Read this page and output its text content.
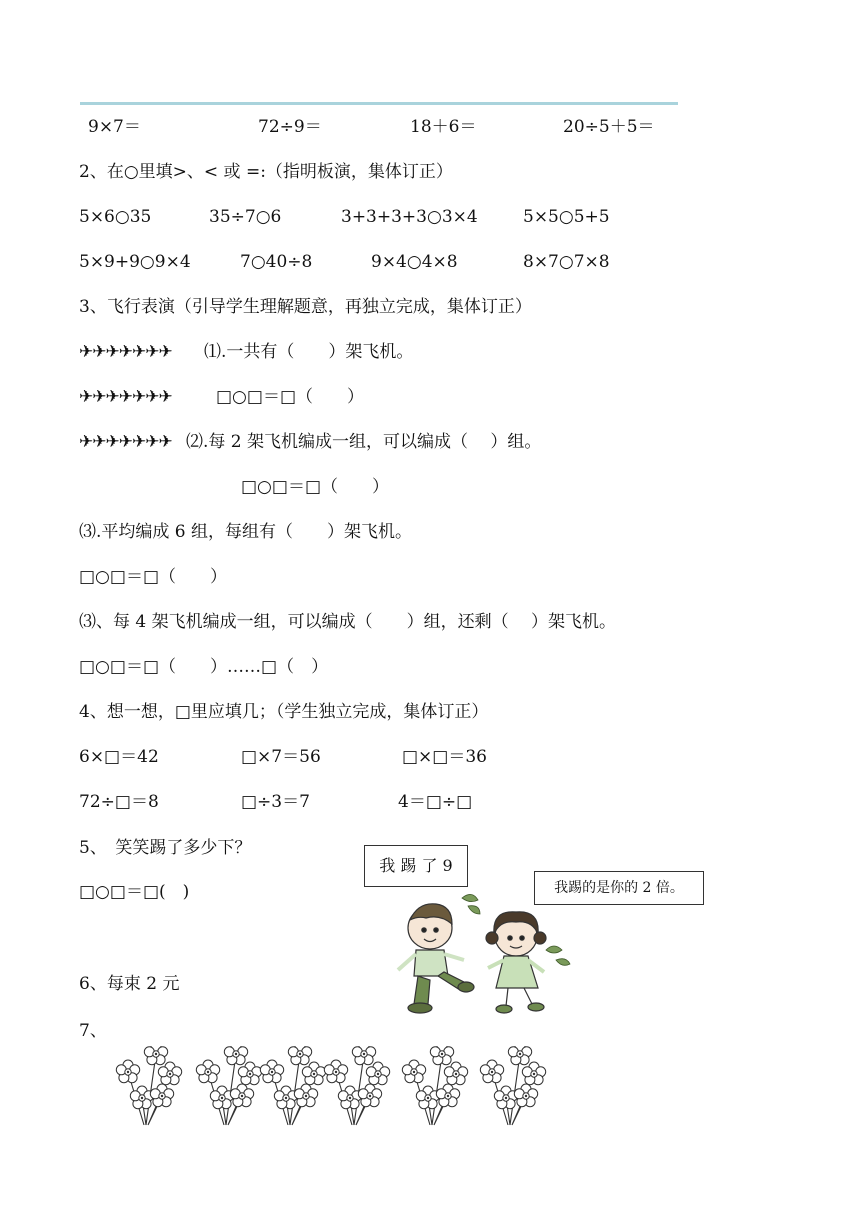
9×7＝	72÷9＝	18＋6＝	20÷5＋5＝
2、在○里填>、< 或 =:（指明板演，集体订正）
5×6○35	35÷7○6	3+3+3+3○3×4	5×5○5+5
5×9+9○9×4	7○40÷8	9×4○4×8	8×7○7×8
3、飞行表演（引导学生理解题意，再独立完成，集体订正）
✈✈✈✈✈✈✈ ⑴.一共有（　　）架飞机。
✈✈✈✈✈✈✈	□○□＝□（　　）
✈✈✈✈✈✈✈ ⑵.每 2 架飞机编成一组，可以编成（　 ）组。
□○□＝□（　　）
⑶.平均编成 6 组，每组有（　　）架飞机。
□○□＝□（　　）
⑶、每 4 架飞机编成一组，可以编成（　　）组，还剩（　 ）架飞机。
□○□＝□（　　）……□（　）
4、想一想，□里应填几；（学生独立完成，集体订正）
6×□＝42	□×7＝56	□×□＝36
72÷□＝8	□÷3＝7	4＝□÷□
5、　笑笑踢了多少下？
□○□＝□(　)
我 踢 了 9
我踢的是你的 2 倍。
6、每束 2 元
7、
